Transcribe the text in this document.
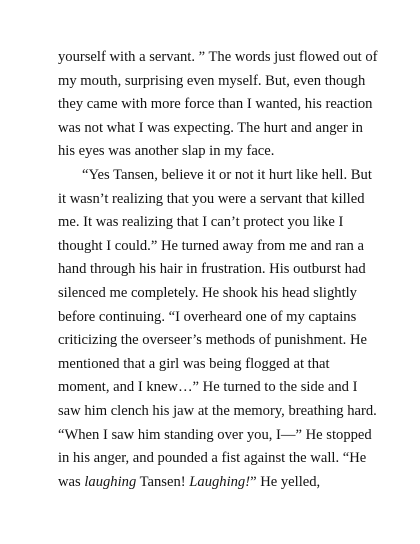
yourself with a servant. ” The words just flowed out of
my mouth, surprising even myself. But, even though
they came with more force than I wanted, his reaction
was not what I was expecting. The hurt and anger in
his eyes was another slap in my face.
“Yes Tansen, believe it or not it hurt like hell. But
it wasn’t realizing that you were a servant that killed
me. It was realizing that I can’t protect you like I
thought I could.” He turned away from me and ran a
hand through his hair in frustration. His outburst had
silenced me completely. He shook his head slightly
before continuing. “I overheard one of my captains
criticizing the overseer’s methods of punishment. He
mentioned that a girl was being flogged at that
moment, and I knew…” He turned to the side and I
saw him clench his jaw at the memory, breathing hard.
“When I saw him standing over you, I—” He stopped
in his anger, and pounded a fist against the wall. “He
was laughing Tansen! Laughing!” He yelled,
